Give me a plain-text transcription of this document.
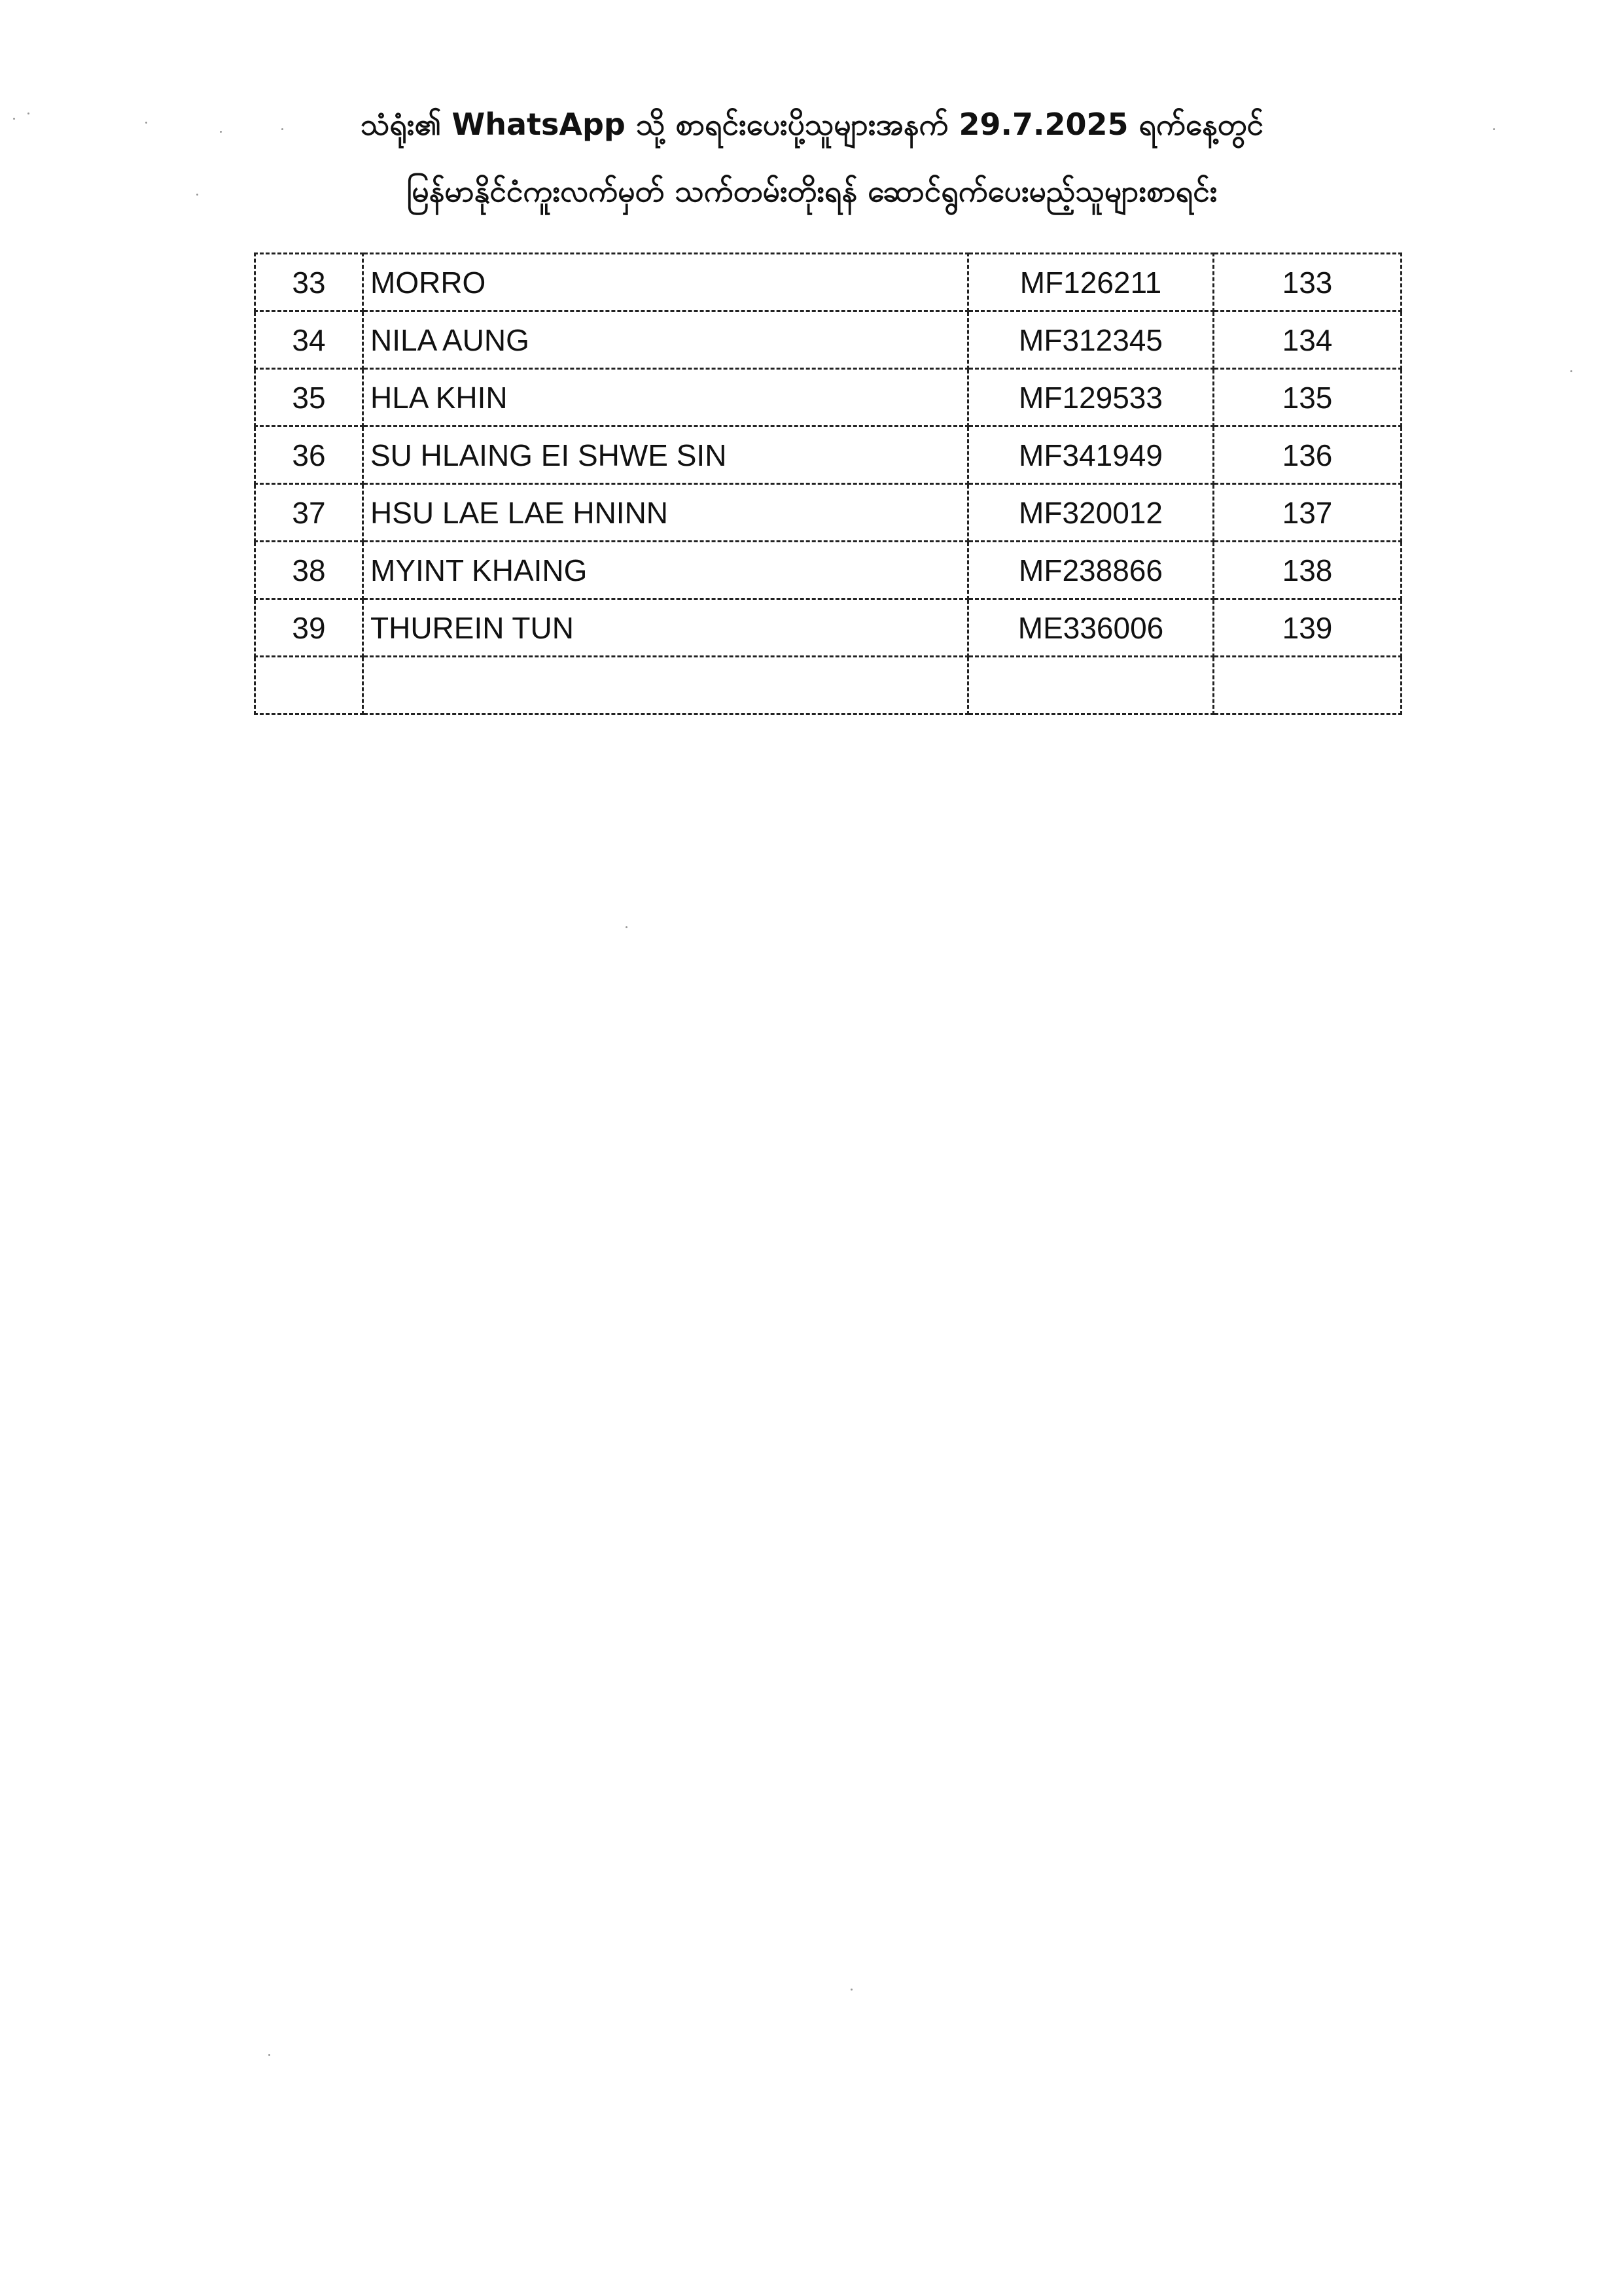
သံရုံး၏ WhatsApp သို့ စာရင်းပေးပို့သူများအနက် 29.7.2025 ရက်နေ့တွင်
မြန်မာနိုင်ငံကူးလက်မှတ် သက်တမ်းတိုးရန် ဆောင်ရွက်ပေးမည့်သူများစာရင်း
33	MORRO	MF126211	133
34	NILA AUNG	MF312345	134
35	HLA KHIN	MF129533	135
36	SU HLAING EI SHWE SIN	MF341949	136
37	HSU LAE LAE HNINN	MF320012	137
38	MYINT KHAING	MF238866	138
39	THUREIN TUN	ME336006	139
